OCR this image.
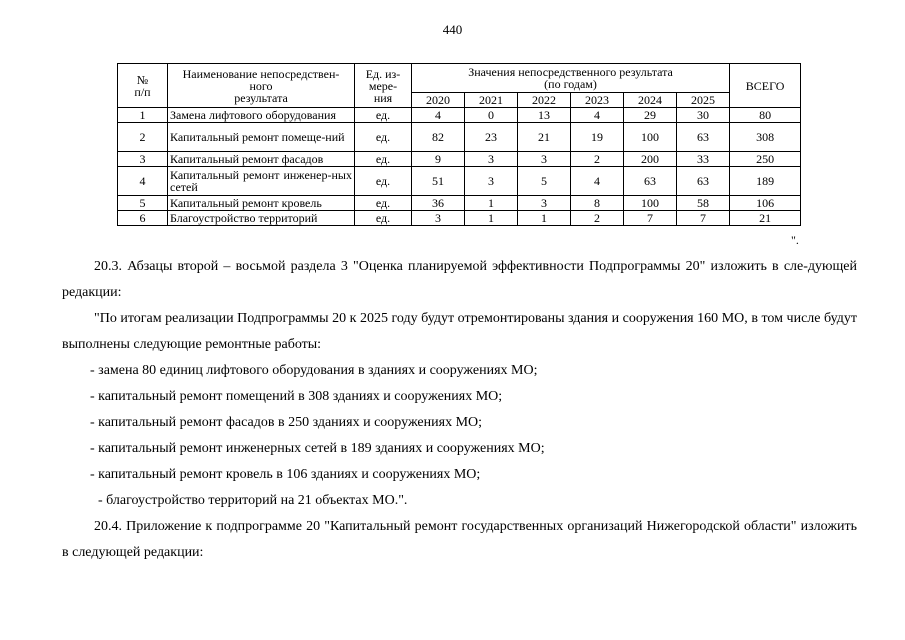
440
№
п/п	Наименование непосредствен-
ного
результата	Ед. из-
мере-
ния	Значения непосредственного результата
(по годам)						ВСЕГО
			2020	2021	2022	2023	2024	2025	
1	Замена лифтового оборудования	ед.	4	0	13	4	29	30	80
2	Капитальный ремонт помеще-ний	ед.	82	23	21	19	100	63	308
3	Капитальный ремонт фасадов	ед.	9	3	3	2	200	33	250
4	Капитальный ремонт инженер-ных сетей	ед.	51	3	5	4	63	63	189
5	Капитальный ремонт кровель	ед.	36	1	3	8	100	58	106
6	Благоустройство территорий	ед.	3	1	1	2	7	7	21
".

20.3. Абзацы второй – восьмой раздела 3 "Оценка планируемой эффективности Подпрограммы 20" изложить в сле-дующей редакции:

"По итогам реализации Подпрограммы 20 к 2025 году будут отремонтированы здания и сооружения 160 МО, в том числе будут выполнены следующие ремонтные работы:

- замена 80 единиц лифтового оборудования в зданиях и сооружениях МО;

- капитальный ремонт помещений в 308 зданиях и сооружениях МО;

- капитальный ремонт фасадов в 250 зданиях и сооружениях МО;

- капитальный ремонт инженерных сетей в 189 зданиях и сооружениях МО;

- капитальный ремонт кровель в 106 зданиях и сооружениях МО;

- благоустройство территорий на 21 объектах МО.".

20.4. Приложение к подпрограмме 20 "Капитальный ремонт государственных организаций Нижегородской области" изложить в следующей редакции:
